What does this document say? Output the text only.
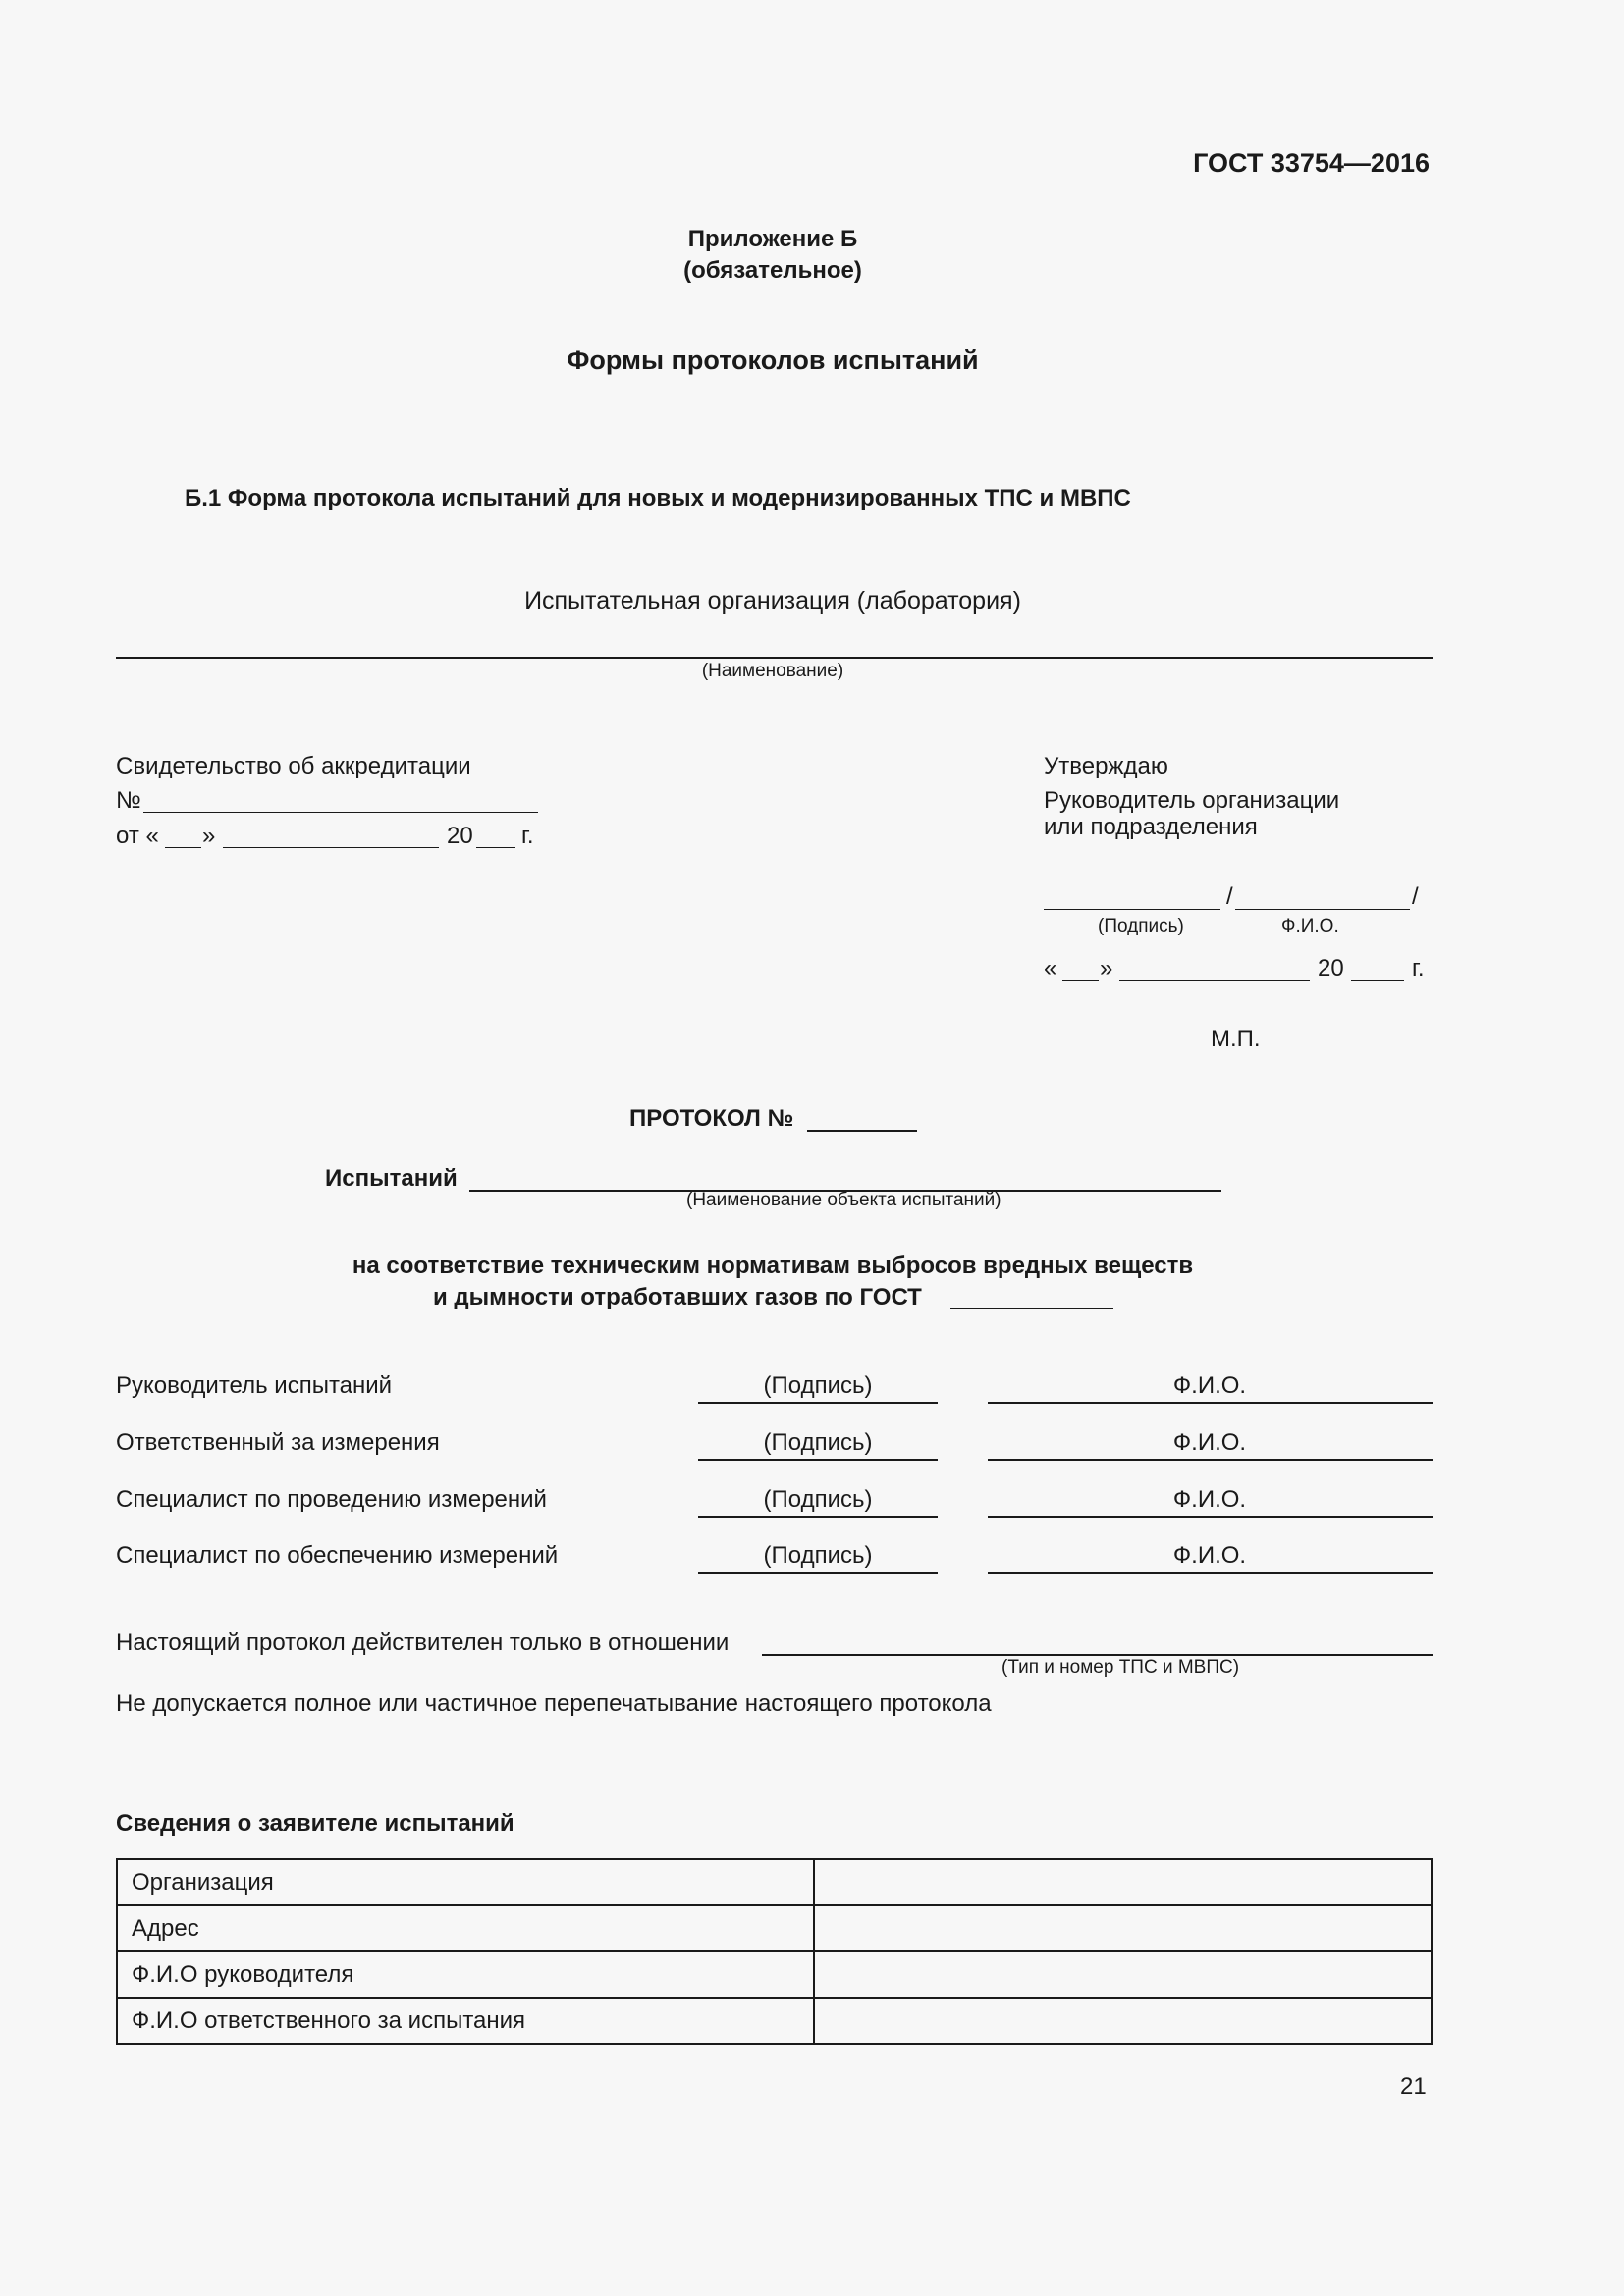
ГОСТ 33754—2016
Приложение Б
(обязательное)
Формы протоколов испытаний
Б.1 Форма протокола испытаний для новых и модернизированных ТПС и МВПС
Испытательная организация (лаборатория)
(Наименование)
Свидетельство об аккредитации
№
от « »	20 г.
Утверждаю
Руководитель организации
или подразделения
/	/
(Подпись)	Ф.И.О.
« »	20	г.
М.П.
ПРОТОКОЛ №
Испытаний
(Наименование объекта испытаний)
на соответствие техническим нормативам выбросов вредных веществ
и дымности отработавших газов по ГОСТ
Руководитель испытаний	(Подпись)	Ф.И.О.
Ответственный за измерения	(Подпись)	Ф.И.О.
Специалист по проведению измерений	(Подпись)	Ф.И.О.
Специалист по обеспечению измерений	(Подпись)	Ф.И.О.
Настоящий протокол действителен только в отношении
(Тип и номер ТПС и МВПС)
Не допускается полное или частичное перепечатывание настоящего протокола
Сведения о заявителе испытаний
Организация	
Адрес	
Ф.И.О руководителя	
Ф.И.О ответственного за испытания	
21
